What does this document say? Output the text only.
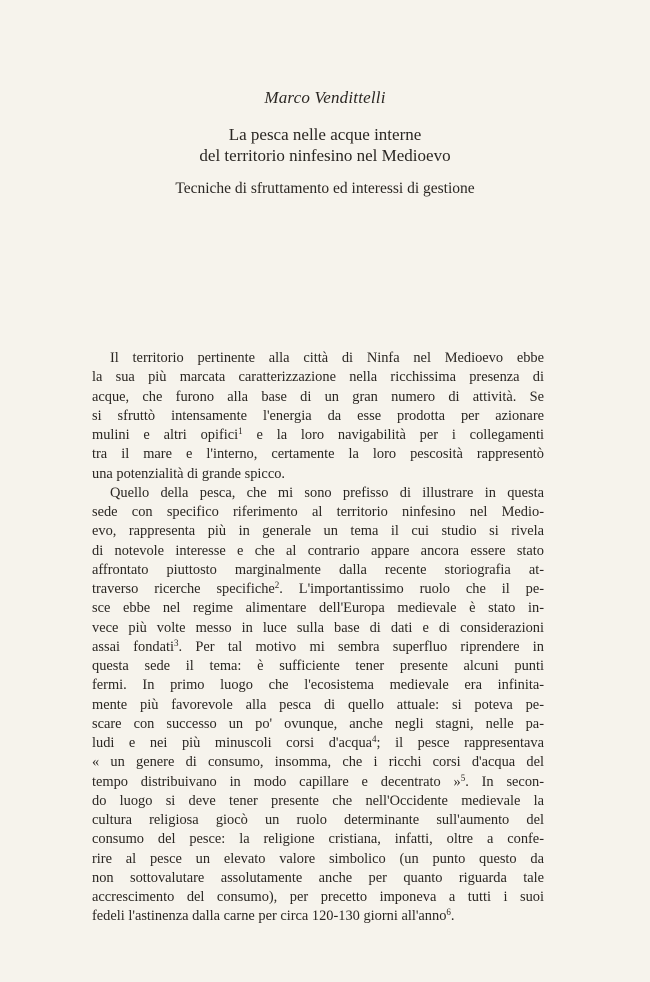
Marco Vendittelli
La pesca nelle acque interne
del territorio ninfesino nel Medioevo
Tecniche di sfruttamento ed interessi di gestione
Il territorio pertinente alla città di Ninfa nel Medioevo ebbe
la sua più marcata caratterizzazione nella ricchissima presenza di
acque, che furono alla base di un gran numero di attività. Se
si sfruttò intensamente l'energia da esse prodotta per azionare
mulini e altri opifici$^1$ e la loro navigabilità per i collegamenti
tra il mare e l'interno, certamente la loro pescosità rappresentò
una potenzialità di grande spicco.
Quello della pesca, che mi sono prefisso di illustrare in questa
sede con specifico riferimento al territorio ninfesino nel Medio-
evo, rappresenta più in generale un tema il cui studio si rivela
di notevole interesse e che al contrario appare ancora essere stato
affrontato piuttosto marginalmente dalla recente storiografia at-
traverso ricerche specifiche$^2$. L'importantissimo ruolo che il pe-
sce ebbe nel regime alimentare dell'Europa medievale è stato in-
vece più volte messo in luce sulla base di dati e di considerazioni
assai fondati$^3$. Per tal motivo mi sembra superfluo riprendere in
questa sede il tema: è sufficiente tener presente alcuni punti
fermi. In primo luogo che l'ecosistema medievale era infinita-
mente più favorevole alla pesca di quello attuale: si poteva pe-
scare con successo un po' ovunque, anche negli stagni, nelle pa-
ludi e nei più minuscoli corsi d'acqua$^4$; il pesce rappresentava
« un genere di consumo, insomma, che i ricchi corsi d'acqua del
tempo distribuivano in modo capillare e decentrato »$^5$. In secon-
do luogo si deve tener presente che nell'Occidente medievale la
cultura religiosa giocò un ruolo determinante sull'aumento del
consumo del pesce: la religione cristiana, infatti, oltre a confe-
rire al pesce un elevato valore simbolico (un punto questo da
non sottovalutare assolutamente anche per quanto riguarda tale
accrescimento del consumo), per precetto imponeva a tutti i suoi
fedeli l'astinenza dalla carne per circa 120-130 giorni all'anno$^6$.
